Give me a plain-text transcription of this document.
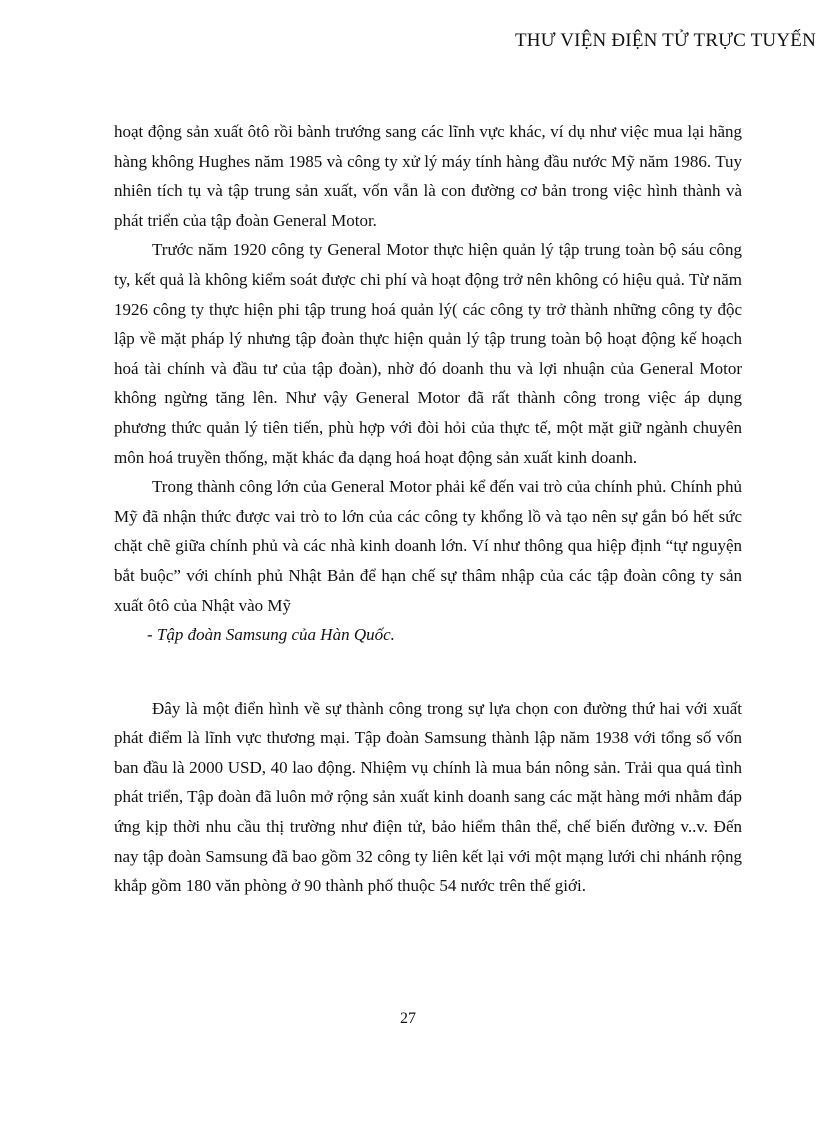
THƯ VIỆN ĐIỆN TỬ TRỰC TUYẾN

hoạt động sản xuất ôtô rồi bành trướng sang các lĩnh vực khác, ví dụ như việc mua lại hãng hàng không Hughes năm 1985 và công ty xử lý máy tính hàng đầu nước Mỹ năm 1986. Tuy nhiên tích tụ và tập trung sản xuất, vốn vẫn là con đường cơ bản trong việc hình thành và phát triển của tập đoàn General Motor.

Trước năm 1920 công ty General Motor thực hiện quản lý tập trung toàn bộ sáu công ty, kết quả là không kiểm soát được chi phí và hoạt động trở nên không có hiệu quả. Từ năm 1926 công ty thực hiện phi tập trung hoá quản lý( các công ty trở thành những công ty độc lập về mặt pháp lý nhưng tập đoàn thực hiện quản lý tập trung toàn bộ hoạt động kế hoạch hoá tài chính và đầu tư của tập đoàn), nhờ đó doanh thu và lợi nhuận của General Motor không ngừng tăng lên. Như vậy General Motor đã rất thành công trong việc áp dụng phương thức quản lý tiên tiến, phù hợp với đòi hỏi của thực tế, một mặt giữ ngành chuyên môn hoá truyền thống, mặt khác đa dạng hoá hoạt động sản xuất kinh doanh.

Trong thành công lớn của General Motor phải kể đến vai trò của chính phủ. Chính phủ Mỹ đã nhận thức được vai trò to lớn của các công ty khổng lồ và tạo nên sự gắn bó hết sức chặt chẽ giữa chính phủ và các nhà kinh doanh lớn. Ví như thông qua hiệp định “tự nguyện bắt buộc” với chính phủ Nhật Bản để hạn chế sự thâm nhập của các tập đoàn công ty sản xuất ôtô của Nhật vào Mỹ

- Tập đoàn Samsung của Hàn Quốc.

Đây là một điển hình về sự thành công trong sự lựa chọn con đường thứ hai với xuất phát điểm là lĩnh vực thương mại. Tập đoàn Samsung thành lập năm 1938 với tổng số vốn ban đầu là 2000 USD, 40 lao động. Nhiệm vụ chính là mua bán nông sản. Trải qua quá tình phát triển, Tập đoàn đã luôn mở rộng sản xuất kinh doanh sang các mặt hàng mới nhằm đáp ứng kịp thời nhu cầu thị trường như điện tử, bảo hiểm thân thể, chế biến đường v..v. Đến nay tập đoàn Samsung đã bao gồm 32 công ty liên kết lại với một mạng lưới chi nhánh rộng khắp gồm 180 văn phòng ở 90 thành phố thuộc 54 nước trên thế giới.

27
